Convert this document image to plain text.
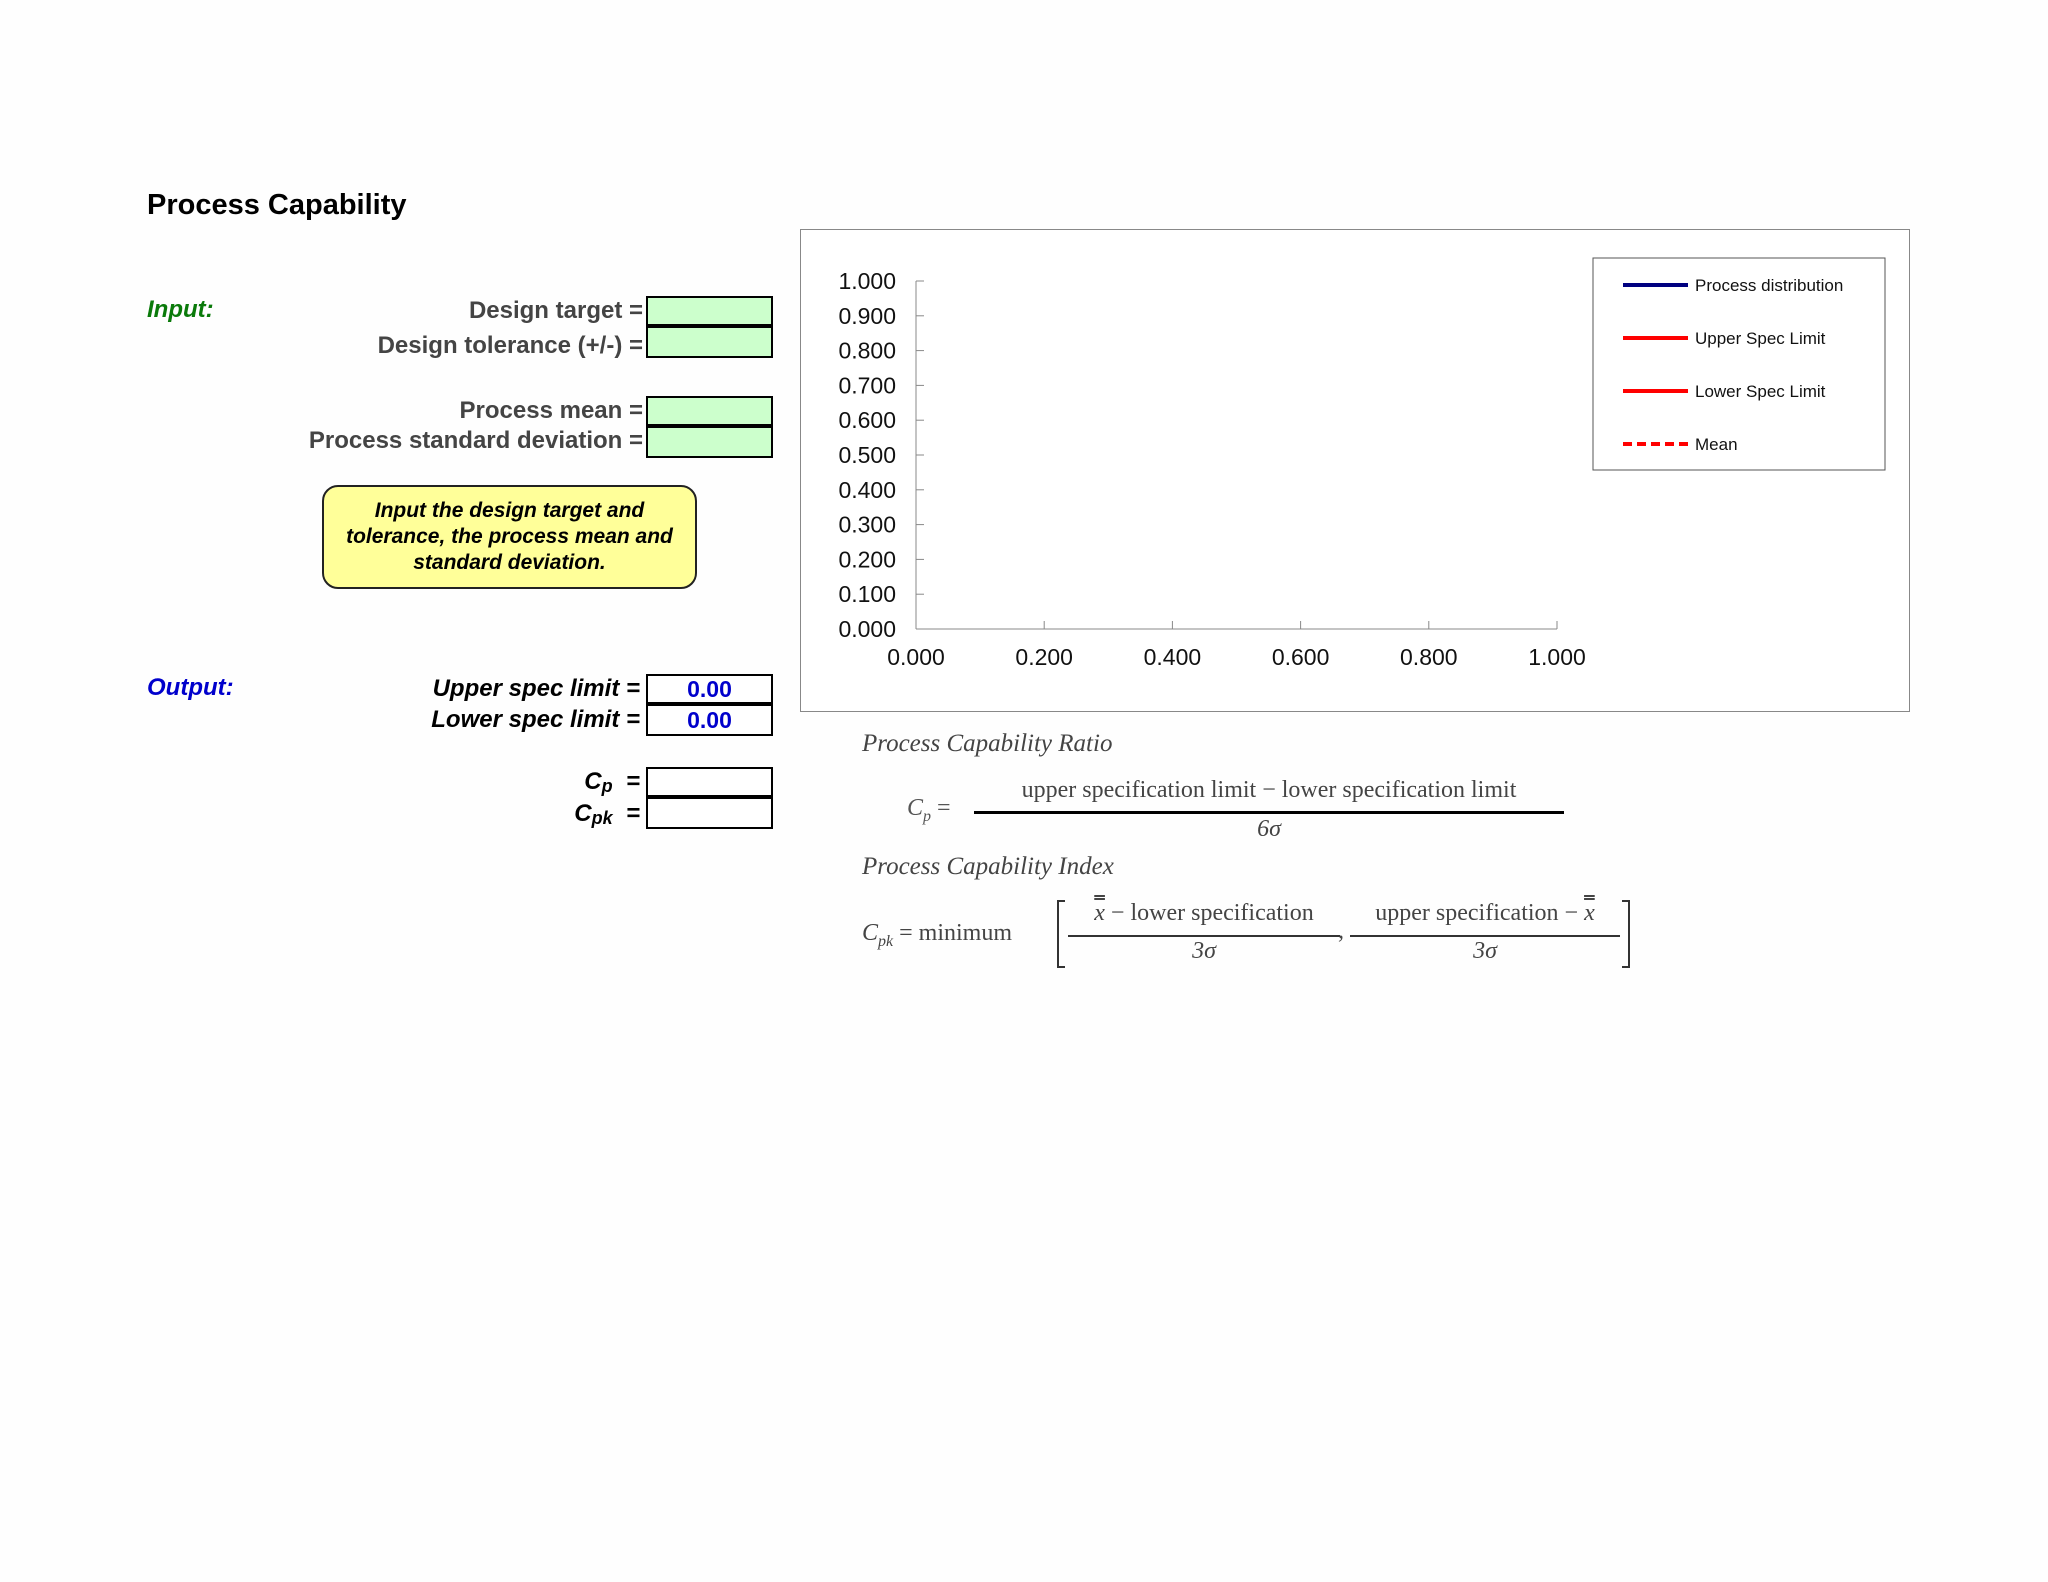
Process Capability
Input:	Design target =
Design tolerance (+/-) =
Process mean =
Process standard deviation =
Input the design target and tolerance, the process mean and standard deviation.
Output:	Upper spec limit =	0.00
Lower spec limit =	0.00
$C_p$ =
$C_{pk}$ =
0.000
0.100
0.200
0.300
0.400
0.500
0.600
0.700
0.800
0.900
1.000
0.000	0.200	0.400	0.600	0.800	1.000
Process distribution
Upper Spec Limit
Lower Spec Limit
Mean
Process Capability Ratio
$C_p$ =
upper specification limit − lower specification limit
6σ
Process Capability Index
$C_{pk}$ = minimum
x − lower specification
3σ
,
upper specification − x
3σ
